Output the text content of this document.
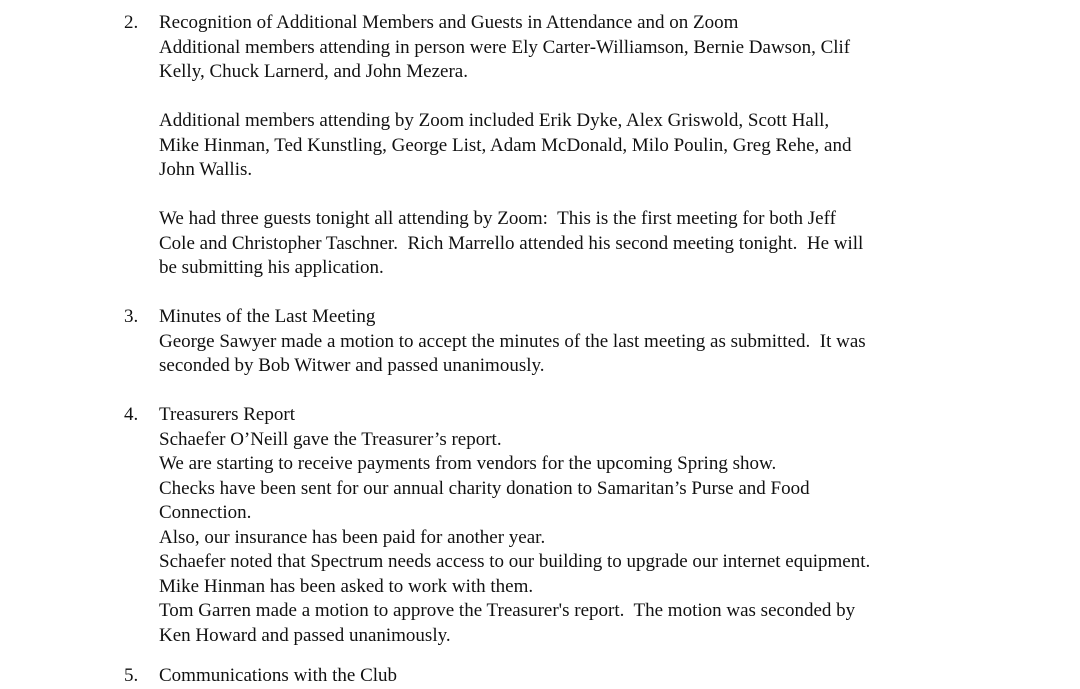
2. Recognition of Additional Members and Guests in Attendance and on Zoom
Additional members attending in person were Ely Carter-Williamson, Bernie Dawson, Clif
Kelly, Chuck Larnerd, and John Mezera.
Additional members attending by Zoom included Erik Dyke, Alex Griswold, Scott Hall,
Mike Hinman, Ted Kunstling, George List, Adam McDonald, Milo Poulin, Greg Rehe, and
John Wallis.
We had three guests tonight all attending by Zoom:  This is the first meeting for both Jeff
Cole and Christopher Taschner.  Rich Marrello attended his second meeting tonight.  He will
be submitting his application.
3. Minutes of the Last Meeting
George Sawyer made a motion to accept the minutes of the last meeting as submitted.  It was
seconded by Bob Witwer and passed unanimously.
4. Treasurers Report
Schaefer O’Neill gave the Treasurer’s report.
We are starting to receive payments from vendors for the upcoming Spring show.
Checks have been sent for our annual charity donation to Samaritan’s Purse and Food
Connection.
Also, our insurance has been paid for another year.
Schaefer noted that Spectrum needs access to our building to upgrade our internet equipment.
Mike Hinman has been asked to work with them.
Tom Garren made a motion to approve the Treasurer's report.  The motion was seconded by
Ken Howard and passed unanimously.
5. Communications with the Club
